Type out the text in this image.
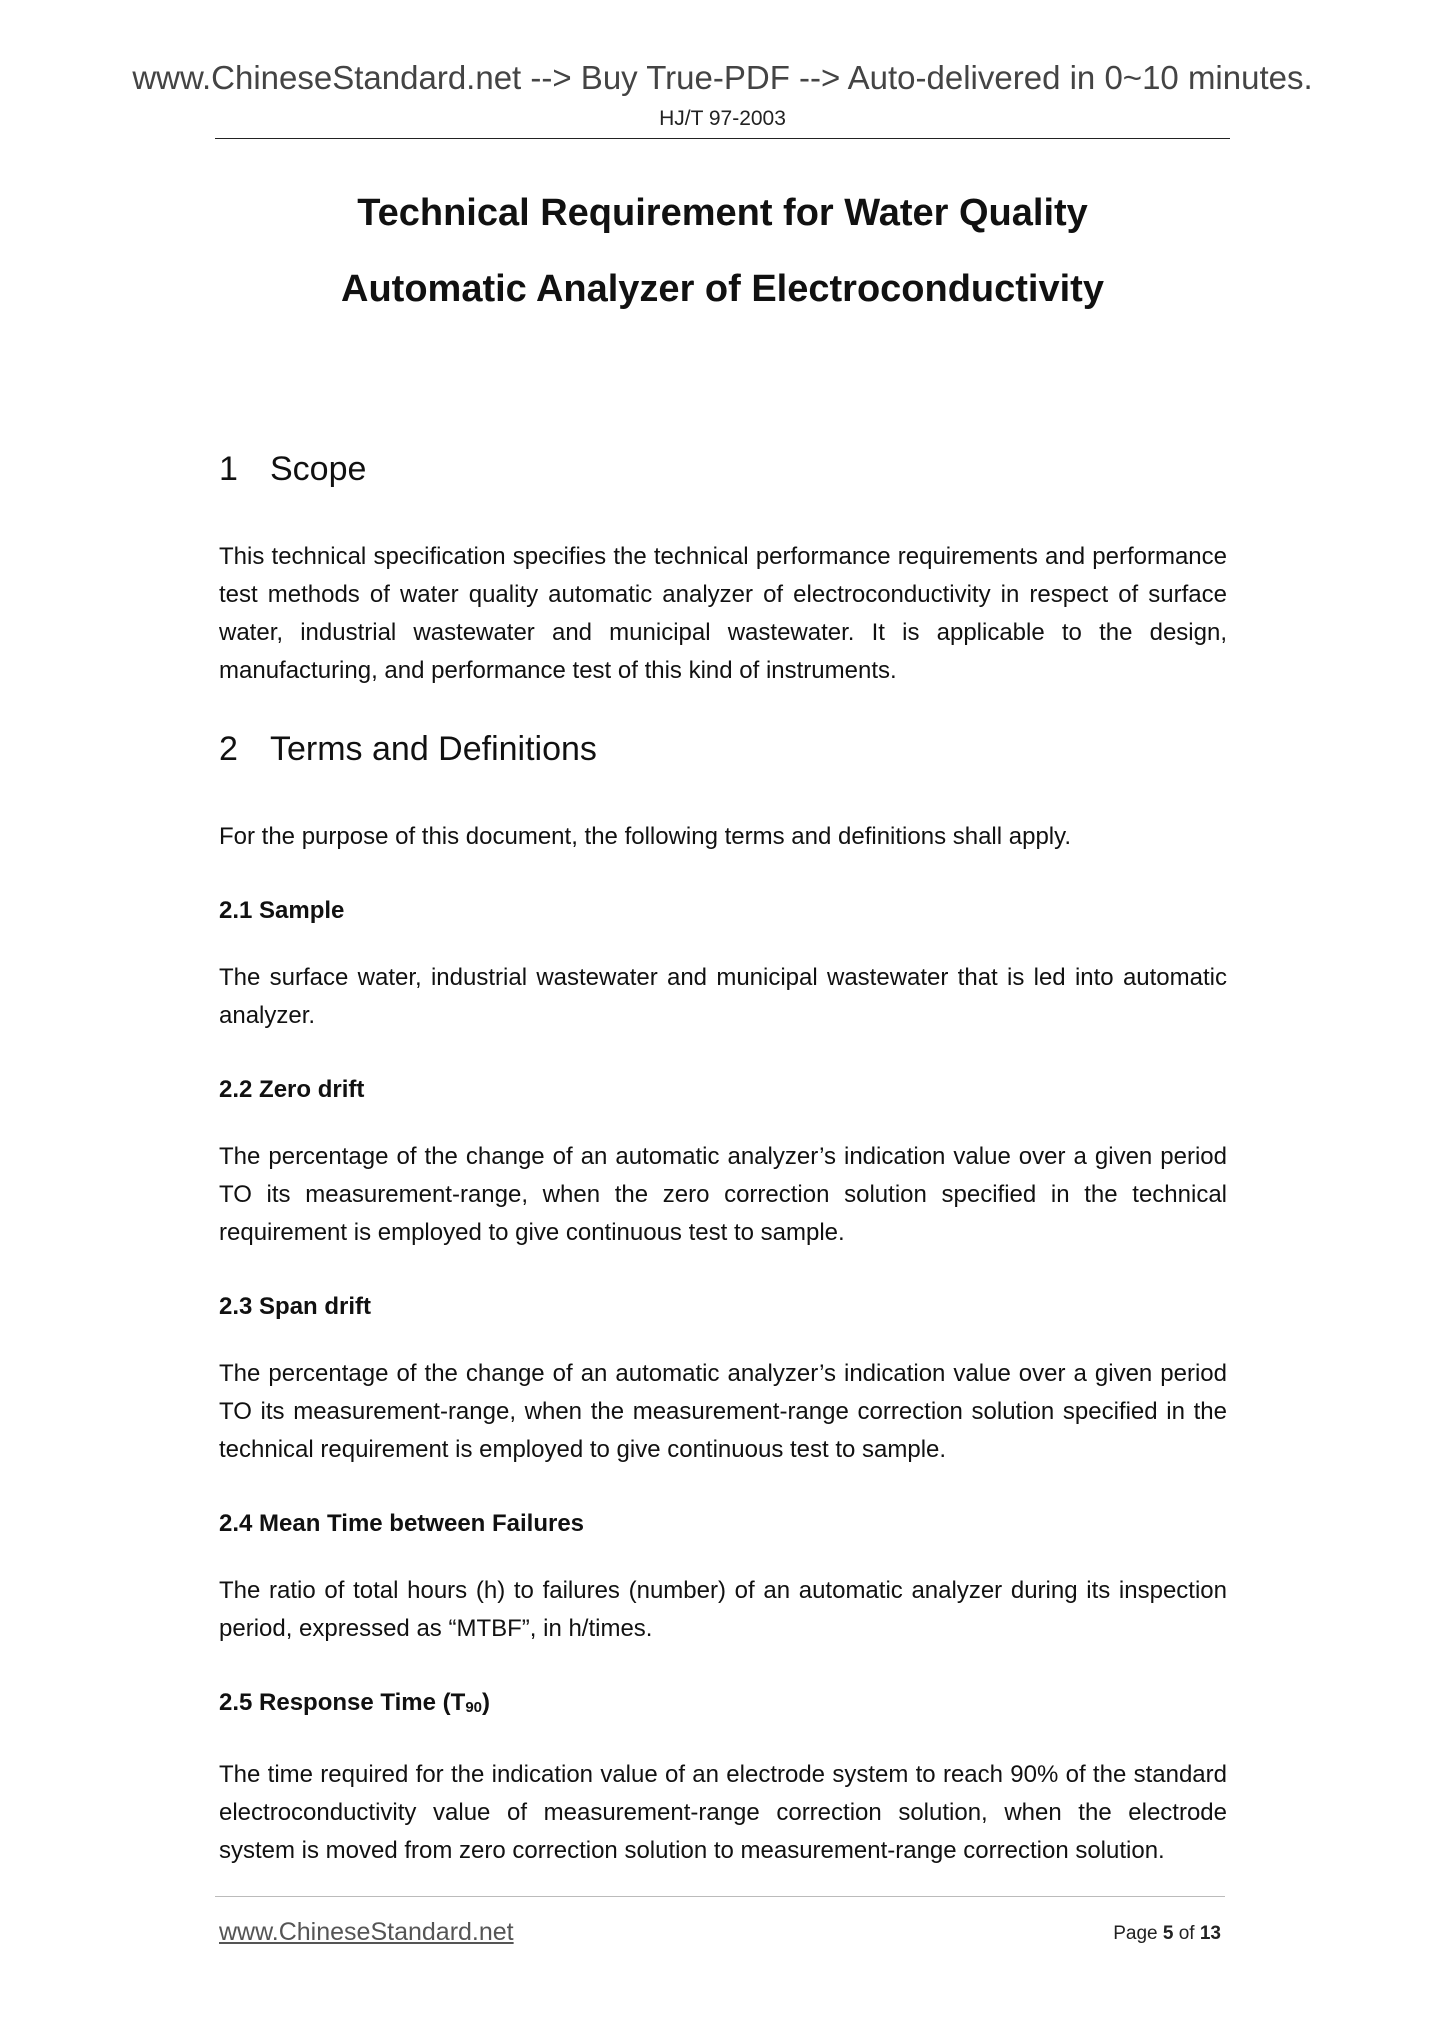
www.ChineseStandard.net --> Buy True-PDF --> Auto-delivered in 0~10 minutes.
HJ/T 97-2003
Technical Requirement for Water Quality
Automatic Analyzer of Electroconductivity
1 Scope

This technical specification specifies the technical performance requirements and performance test methods of water quality automatic analyzer of electroconductivity in respect of surface water, industrial wastewater and municipal wastewater. It is applicable to the design, manufacturing, and performance test of this kind of instruments.

2 Terms and Definitions

For the purpose of this document, the following terms and definitions shall apply.

2.1 Sample

The surface water, industrial wastewater and municipal wastewater that is led into automatic analyzer.

2.2 Zero drift

The percentage of the change of an automatic analyzer’s indication value over a given period TO its measurement-range, when the zero correction solution specified in the technical requirement is employed to give continuous test to sample.

2.3 Span drift

The percentage of the change of an automatic analyzer’s indication value over a given period TO its measurement-range, when the measurement-range correction solution specified in the technical requirement is employed to give continuous test to sample.

2.4 Mean Time between Failures

The ratio of total hours (h) to failures (number) of an automatic analyzer during its inspection period, expressed as “MTBF”, in h/times.

2.5 Response Time $(T_{90})$

The time required for the indication value of an electrode system to reach 90% of the standard electroconductivity value of measurement-range correction solution, when the electrode system is moved from zero correction solution to measurement-range correction solution.

www.ChineseStandard.net	Page 5 of 13
